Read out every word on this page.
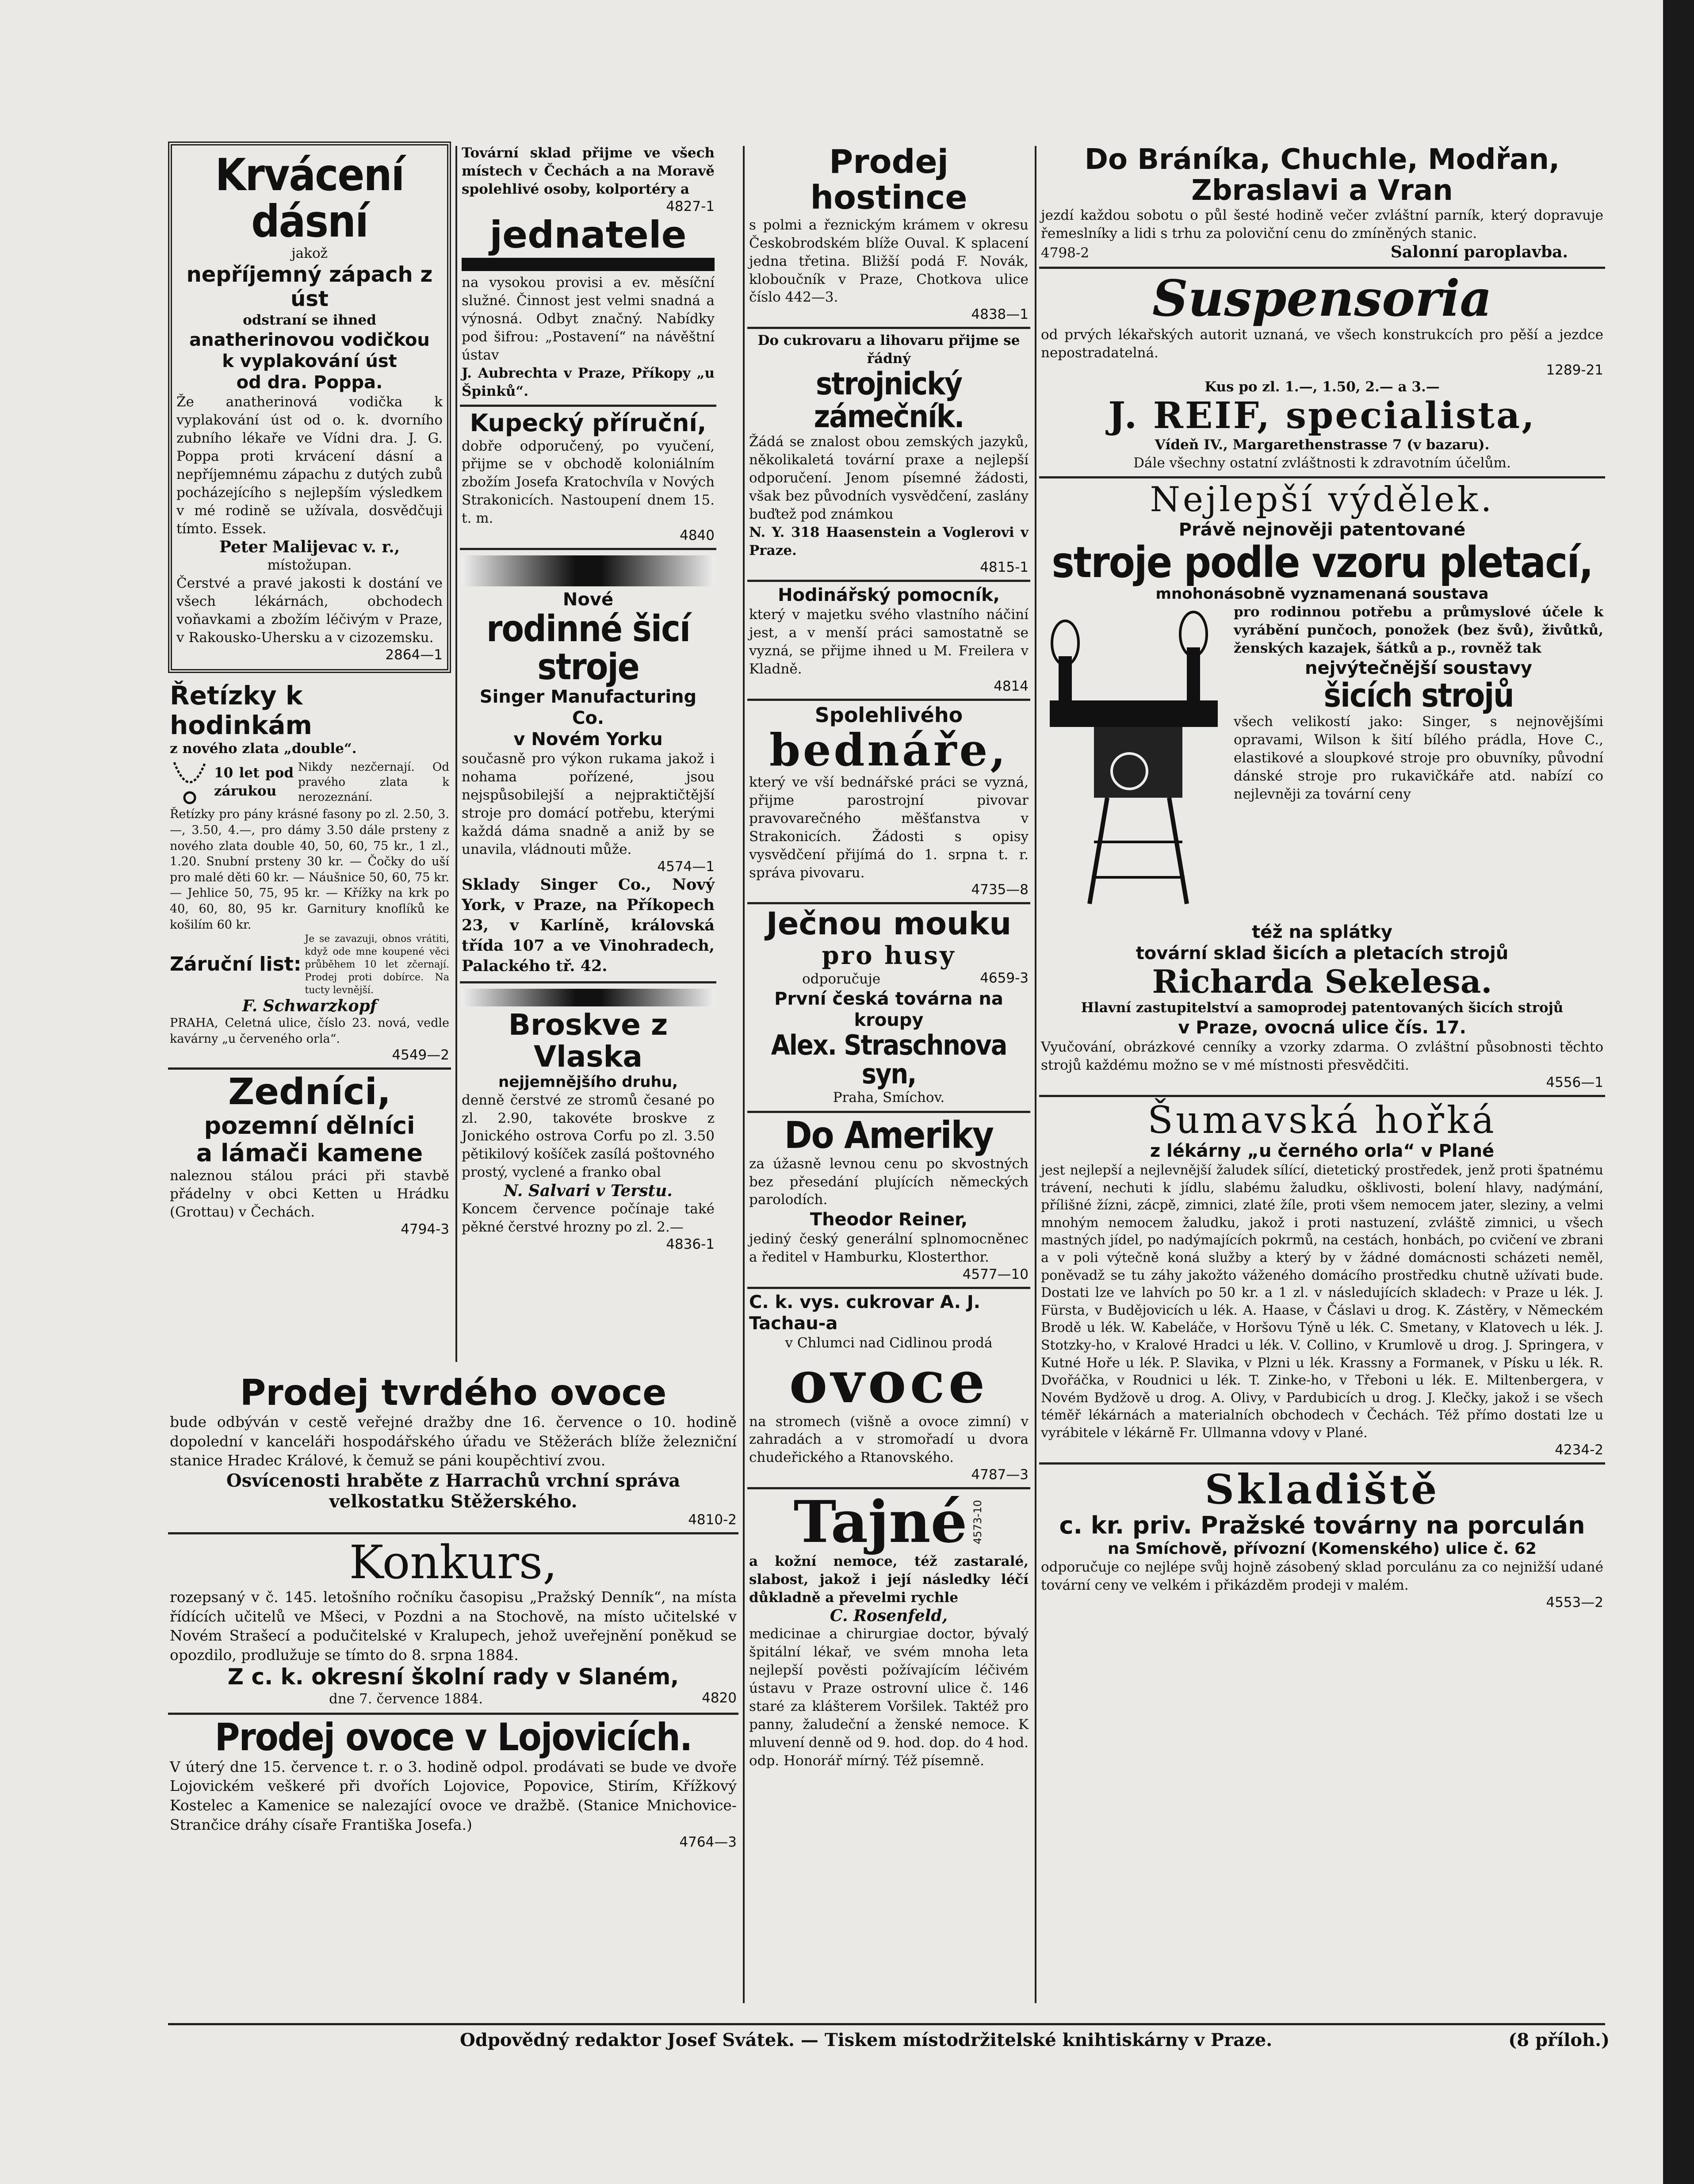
Krvácení dásní
jakož
nepříjemný zápach z úst
odstraní se ihned
anatherinovou vodičkou
k vyplakování úst
od dra. Poppa.
Že anatherinová vodička k vyplakování úst od o. k. dvorního zubního lékaře ve Vídni dra. J. G. Poppa proti krvácení dásní a nepříjemnému zápachu z dutých zubů pocházejícího s nejlepším výsledkem v mé rodině se užívala, dosvědčuji tímto. Essek.
Peter Malijevac v. r.,
místožupan.
Čerstvé a pravé jakosti k dostání ve všech lékárnách, obchodech voňavkami a zbožím léčivým v Praze, v Rakousko-Uhersku a v cizozemsku.
2864—1
Řetízky k hodinkám
z nového zlata „double“.
10 let pod zárukou
Nikdy nezčernají. Od pravého zlata k nerozeznání.
Řetízky pro pány krásné fasony po zl. 2.50, 3.—, 3.50, 4.—, pro dámy 3.50 dále prsteny z nového zlata double 40, 50, 60, 75 kr., 1 zl., 1.20. Snubní prsteny 30 kr. — Čočky do uší pro malé děti 60 kr. — Náušnice 50, 60, 75 kr. — Jehlice 50, 75, 95 kr. — Křížky na krk po 40, 60, 80, 95 kr. Garnitury knoflíků ke košilím 60 kr.
Záruční list:
Je se zavazuji, obnos vrátiti, když ode mne koupené věci průběhem 10 let zčernají. Prodej proti dobírce. Na tucty levnější.
F. Schwarzkopf
PRAHA, Celetná ulice, číslo 23. nová, vedle kavárny „u červeného orla“.
4549—2
Zedníci,
pozemní dělníci
a lámači kamene
naleznou stálou práci při stavbě přádelny v obci Ketten u Hrádku (Grottau) v Čechách.
4794-3
Tovární sklad přijme ve všech místech v Čechách a na Moravě spolehlivé osoby, kolportéry a
4827-1
jednatele
na vysokou provisi a ev. měsíční služné. Činnost jest velmi snadná a výnosná. Odbyt značný. Nabídky pod šifrou: „Postavení“ na návěštní ústav
J. Aubrechta v Praze, Příkopy „u Špinků“.
Kupecký příruční,
dobře odporučený, po vyučení, přijme se v obchodě koloniálním zbožím Josefa Kratochvíla v Nových Strakonicích. Nastoupení dnem 15. t. m.
4840
Nové
rodinné šicí stroje
Singer Manufacturing Co.
v Novém Yorku
současně pro výkon rukama jakož i nohama pořízené, jsou nejspůsobilejší a nejpraktičtější stroje pro domácí potřebu, kterými každá dáma snadně a aniž by se unavila, vládnouti může.
4574—1
Sklady Singer Co., Nový York, v Praze, na Příkopech 23, v Karlíně, královská třída 107 a ve Vinohradech, Palackého tř. 42.
Broskve z Vlaska
nejjemnějšího druhu,
denně čerstvé ze stromů česané po zl. 2.90, takovéte broskve z Jonického ostrova Corfu po zl. 3.50 pětikilový košíček zasílá poštovného prostý, vyclené a franko obal
N. Salvari v Terstu.
Koncem července počínaje také pěkné čerstvé hrozny po zl. 2.—
4836-1
Prodej tvrdého ovoce
bude odbýván v cestě veřejné dražby dne 16. července o 10. hodině dopolední v kanceláři hospodářského úřadu ve Stěžerách blíže železniční stanice Hradec Králové, k čemuž se páni koupěchtiví zvou.
Osvícenosti hraběte z Harrachů vrchní správa velkostatku Stěžerského.
4810-2
Konkurs,
rozepsaný v č. 145. letošního ročníku časopisu „Pražský Denník“, na místa řídících učitelů ve Mšeci, v Pozdni a na Stochově, na místo učitelské v Novém Strašecí a podučitelské v Kralupech, jehož uveřejnění poněkud se opozdilo, prodlužuje se tímto do 8. srpna 1884.
Z c. k. okresní školní rady v Slaném,
dne 7. července 1884.	4820
Prodej ovoce v Lojovicích.
V úterý dne 15. července t. r. o 3. hodině odpol. prodávati se bude ve dvoře Lojovickém veškeré při dvořích Lojovice, Popovice, Stirím, Křížkový Kostelec a Kamenice se nalezající ovoce ve dražbě. (Stanice Mnichovice-Strančice dráhy císaře Františka Josefa.)
4764—3
Prodej hostince
s polmi a řeznickým krámem v okresu Českobrodském blíže Ouval. K splacení jedna třetina. Bližší podá F. Novák, kloboučník v Praze, Chotkova ulice číslo 442—3.
4838—1
Do cukrovaru a lihovaru přijme se řádný
strojnický zámečník.
Žádá se znalost obou zemských jazyků, několikaletá tovární praxe a nejlepší odporučení. Jenom písemné žádosti, však bez původních vysvědčení, zaslány buďtež pod známkou
N. Y. 318 Haasenstein a Voglerovi v Praze.
4815-1
Hodinářský pomocník,
který v majetku svého vlastního náčiní jest, a v menší práci samostatně se vyzná, se přijme ihned u M. Freilera v Kladně.
4814
Spolehlivého
bednáře,
který ve vší bednářské práci se vyzná, přijme parostrojní pivovar pravovarečného měšťanstva v Strakonicích. Žádosti s opisy vysvědčení přijímá do 1. srpna t. r. správa pivovaru.
4735—8
Ječnou mouku
pro husy
odporučuje	4659-3
První česká továrna na kroupy
Alex. Straschnova syn,
Praha, Smíchov.
Do Ameriky
za úžasně levnou cenu po skvostných bez přesedání plujících německých parolodích.
Theodor Reiner,
jediný český generální splnomocněnec a ředitel v Hamburku, Klosterthor.
4577—10
C. k. vys. cukrovar A. J. Tachau-a
v Chlumci nad Cidlinou prodá
ovoce
na stromech (višně a ovoce zimní) v zahradách a v stromořadí u dvora chudeřického a Rtanovského.
4787—3
Tajné 4573-10
a kožní nemoce, též zastaralé, slabost, jakož i její následky léčí důkladně a převelmi rychle
C. Rosenfeld,
medicinae a chirurgiae doctor, bývalý špitální lékař, ve svém mnoha leta nejlepší pověsti požívajícím léčivém ústavu v Praze ostrovní ulice č. 146 staré za klášterem Voršilek. Taktéž pro panny, žaludeční a ženské nemoce. K mluvení denně od 9. hod. dop. do 4 hod. odp. Honorář mírný. Též písemně.
Do Bráníka, Chuchle, Modřan, Zbraslavi a Vran
jezdí každou sobotu o půl šesté hodině večer zvláštní parník, který dopravuje řemeslníky a lidi s trhu za poloviční cenu do zmíněných stanic.
4798-2	Salonní paroplavba.
Suspensoria
od prvých lékařských autorit uznaná, ve všech konstrukcích pro pěší a jezdce nepostradatelná.
1289-21
Kus po zl. 1.—, 1.50, 2.— a 3.—
J. REIF, specialista,
Vídeň IV., Margarethenstrasse 7 (v bazaru).
Dále všechny ostatní zvláštnosti k zdravotním účelům.
Nejlepší výdělek.
Právě nejnověji patentované
stroje podle vzoru pletací,
mnohonásobně vyznamenaná soustava
pro rodinnou potřebu a průmyslové účele k vyrábění punčoch, ponožek (bez švů), živůtků, ženských kazajek, šátků a p., rovněž tak
nejvýtečnější soustavy
šicích strojů
všech velikostí jako: Singer, s nejnovějšími opravami, Wilson k šití bílého prádla, Hove C., elastikové a sloupkové stroje pro obuvníky, původní dánské stroje pro rukavičkáře atd. nabízí co nejlevněji za tovární ceny
též na splátky
tovární sklad šicích a pletacích strojů
Richarda Sekelesa.
Hlavní zastupitelství a samoprodej patentovaných šicích strojů
v Praze, ovocná ulice čís. 17.
Vyučování, obrázkové cenníky a vzorky zdarma. O zvláštní působnosti těchto strojů každému možno se v mé místnosti přesvědčiti.
4556—1
Šumavská hořká
z lékárny „u černého orla“ v Plané
jest nejlepší a nejlevnější žaludek sílící, dietetický prostředek, jenž proti špatnému trávení, nechuti k jídlu, slabému žaludku, ošklivosti, bolení hlavy, nadýmání, přílišné žízni, zácpě, zimnici, zlaté žíle, proti všem nemocem jater, sleziny, a velmi mnohým nemocem žaludku, jakož i proti nastuzení, zvláště zimnici, u všech mastných jídel, po nadýmajících pokrmů, na cestách, honbách, po cvičení ve zbrani a v poli výtečně koná služby a který by v žádné domácnosti scházeti neměl, poněvadž se tu záhy jakožto váženého domácího prostředku chutně užívati bude. Dostati lze ve lahvích po 50 kr. a 1 zl. v následujících skladech: v Praze u lék. J. Fürsta, v Budějovicích u lék. A. Haase, v Čáslavi u drog. K. Zástěry, v Německém Brodě u lék. W. Kabeláče, v Horšovu Týně u lék. C. Smetany, v Klatovech u lék. J. Stotzky-ho, v Kralové Hradci u lék. V. Collino, v Krumlově u drog. J. Springera, v Kutné Hoře u lék. P. Slavika, v Plzni u lék. Krassny a Formanek, v Písku u lék. R. Dvořáčka, v Roudnici u lék. T. Zinke-ho, v Třeboni u lék. E. Miltenbergera, v Novém Bydžově u drog. A. Olivy, v Pardubicích u drog. J. Klečky, jakož i se všech téměř lékárnách a materialních obchodech v Čechách. Též přímo dostati lze u vyrábitele v lékárně Fr. Ullmanna vdovy v Plané.
4234-2
Skladiště
c. kr. priv. Pražské továrny na porculán
na Smíchově, přívozní (Komenského) ulice č. 62
odporučuje co nejlépe svůj hojně zásobený sklad porculánu za co nejnižší udané tovární ceny ve velkém i přikázděm prodeji v malém.
4553—2
Odpovědný redaktor Josef Svátek. — Tiskem místodržitelské knihtiskárny v Praze.	(8 příloh.)
